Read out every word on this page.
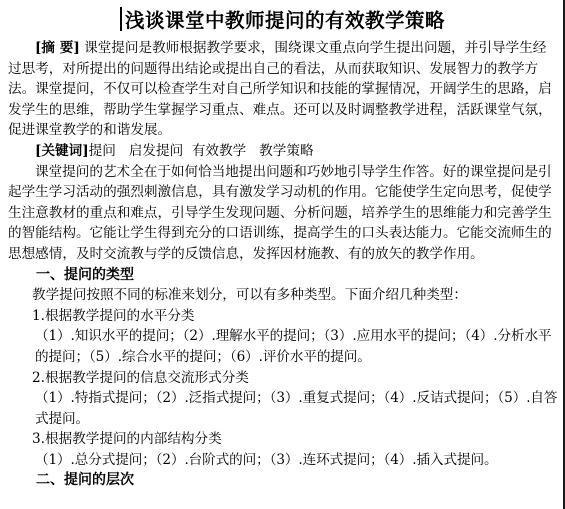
浅谈课堂中教师提问的有效教学策略

[摘 要] 课堂提问是教师根据教学要求，围绕课文重点向学生提出问题，并引导学生经过思考，对所提出的问题得出结论或提出自己的看法，从而获取知识、发展智力的教学方法。课堂提问，不仅可以检查学生对自己所学知识和技能的掌握情况，开阔学生的思路，启发学生的思维，帮助学生掌握学习重点、难点。还可以及时调整教学进程，活跃课堂气氛，促进课堂教学的和谐发展。

[关键词]提问   启发提问  有效教学   教学策略

课堂提问的艺术全在于如何恰当地提出问题和巧妙地引导学生作答。好的课堂提问是引起学生学习活动的强烈刺激信息，具有激发学习动机的作用。它能使学生定向思考，促使学生注意教材的重点和难点，引导学生发现问题、分析问题，培养学生的思维能力和完善学生的智能结构。它能让学生得到充分的口语训练，提高学生的口头表达能力。它能交流师生的思想感情，及时交流教与学的反馈信息，发挥因材施教、有的放矢的教学作用。

一、提问的类型

教学提问按照不同的标准来划分，可以有多种类型。下面介绍几种类型：

1.根据教学提问的水平分类

（1）.知识水平的提问；（2）.理解水平的提问；（3）.应用水平的提问；（4）.分析水平的提问；（5）.综合水平的提问；（6）.评价水平的提问。

2.根据教学提问的信息交流形式分类

（1）.特指式提问；（2）.泛指式提问；（3）.重复式提问；（4）.反诘式提问；（5）.自答式提问。

3.根据教学提问的内部结构分类

（1）.总分式提问；（2）.台阶式的问；（3）.连环式提问；（4）.插入式提问。

二、提问的层次
